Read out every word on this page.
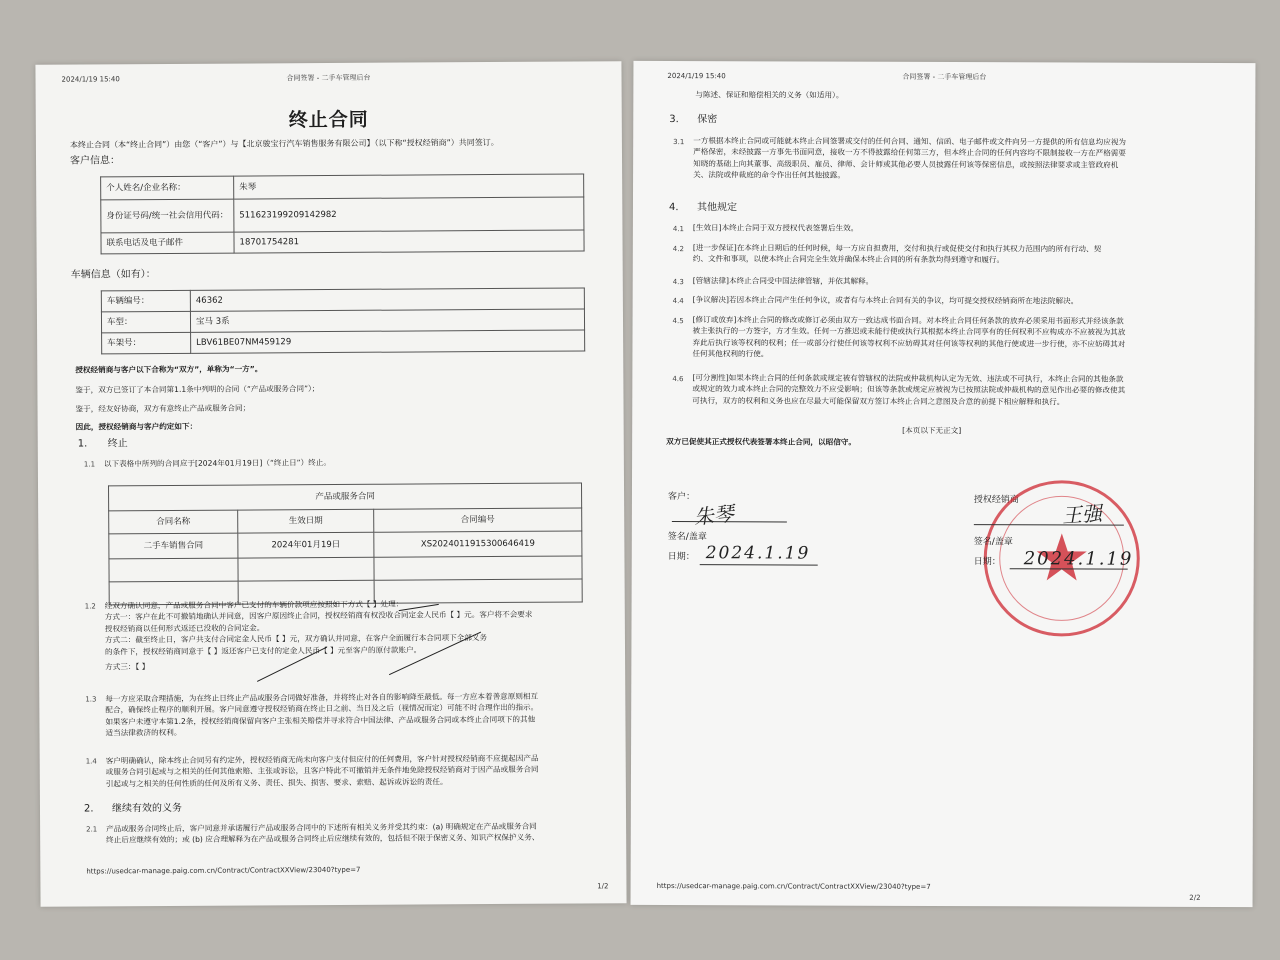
2024/1/19 15:40	合同签署 - 二手车管理后台
终止合同
本终止合同（本“终止合同”）由您（“客户”）与【北京骏宝行汽车销售服务有限公司】（以下称“授权经销商”）共同签订。
客户信息：
个人姓名/企业名称：	朱琴
身份证号码/统一社会信用代码：	511623199209142982
联系电话及电子邮件	18701754281
车辆信息（如有）：
车辆编号：	46362
车型：	宝马 3系
车架号：	LBV61BE07NM459129
授权经销商与客户以下合称为“双方”，单称为“一方”。
鉴于，双方已签订了本合同第1.1条中列明的合同（“产品或服务合同”）；
鉴于，经友好协商，双方有意终止产品或服务合同；
因此，授权经销商与客户约定如下：
1. 终止
1.1 以下表格中所列的合同应于[2024年01月19日]（“终止日”）终止。
产品或服务合同		
合同名称	生效日期	合同编号
二手车销售合同	2024年01月19日	XS2024011915300646419

1.2 经双方确认同意，产品或服务合同中客户已支付的车辆价款项应按照如下方式【 】处理：
方式一：客户在此不可撤销地确认并同意，因客户原因终止合同，授权经销商有权没收合同定金人民币【 】元。客户将不会要求
授权经销商以任何形式返还已没收的合同定金。
方式二：截至终止日，客户共支付合同定金人民币【 】元，双方确认并同意，在客户全面履行本合同项下全部义务
的条件下，授权经销商同意于【 】返还客户已支付的定金人民币【 】元至客户的原付款账户。
方式三：【 】
1.3 每一方应采取合理措施，为在终止日终止产品或服务合同做好准备，并将终止对各自的影响降至最低。每一方应本着善意原则相互
配合，确保终止程序的顺利开展。客户同意遵守授权经销商在终止日之前、当日及之后（视情况而定）可能不时合理作出的指示。
如果客户未遵守本第1.2条，授权经销商保留向客户主张相关赔偿并寻求符合中国法律、产品或服务合同或本终止合同项下的其他
适当法律救济的权利。
1.4 客户明确确认，除本终止合同另有约定外，授权经销商无尚未向客户支付但应付的任何费用，客户针对授权经销商不应提起因产品
或服务合同引起或与之相关的任何其他索赔、主张或诉讼，且客户特此不可撤销并无条件地免除授权经销商对于因产品或服务合同
引起或与之相关的任何性质的任何及所有义务、责任、损失、损害、要求、索赔、起诉或诉讼的责任。
2. 继续有效的义务
2.1 产品或服务合同终止后，客户同意并承诺履行产品或服务合同中的下述所有相关义务并受其约束：(a) 明确规定在产品或服务合同
终止后应继续有效的；或 (b) 应合理解释为在产品或服务合同终止后应继续有效的，包括但不限于保密义务、知识产权保护义务、
https://usedcar-manage.paig.com.cn/Contract/ContractXXView/23040?type=7
1/2
2024/1/19 15:40	合同签署 - 二手车管理后台
与陈述、保证和赔偿相关的义务（如适用）。
3. 保密
3.1 一方根据本终止合同或可能就本终止合同签署或交付的任何合同、通知、信函、电子邮件或文件向另一方提供的所有信息均应视为
严格保密，未经披露一方事先书面同意，接收一方不得披露给任何第三方，但本终止合同的任何内容均不限制接收一方在严格需要
知晓的基础上向其董事、高级职员、雇员、律师、会计师或其他必要人员披露任何该等保密信息，或按照法律要求或主管政府机
关、法院或仲裁庭的命令作出任何其他披露。
4. 其他规定
4.1 [生效日]本终止合同于双方授权代表签署后生效。
4.2 [进一步保证]在本终止日期后的任何时候，每一方应自担费用，交付和执行或促使交付和执行其权力范围内的所有行动、契
约、文件和事项，以使本终止合同完全生效并确保本终止合同的所有条款均得到遵守和履行。
4.3 [管辖法律]本终止合同受中国法律管辖，并依其解释。
4.4 [争议解决]若因本终止合同产生任何争议，或者有与本终止合同有关的争议，均可提交授权经销商所在地法院解决。
4.5 [修订或放弃]本终止合同的修改或修订必须由双方一致达成书面合同。对本终止合同任何条款的放弃必须采用书面形式并经该条款
被主张执行的一方签字，方才生效。任何一方推迟或未能行使或执行其根据本终止合同享有的任何权利不应构成亦不应被视为其放
弃此后执行该等权利的权利；任一或部分行使任何该等权利不应妨碍其对任何该等权利的其他行使或进一步行使，亦不应妨碍其对
任何其他权利的行使。
4.6 [可分割性]如果本终止合同的任何条款或规定被有管辖权的法院或仲裁机构认定为无效、违法或不可执行，本终止合同的其他条款
或规定的效力或本终止合同的完整效力不应受影响；但该等条款或规定应被视为已按照法院或仲裁机构的意见作出必要的修改使其
可执行，双方的权利和义务也应在尽最大可能保留双方签订本终止合同之意图及合意的前提下相应解释和执行。
[本页以下无正文]
双方已促使其正式授权代表签署本终止合同，以昭信守。
客户：
朱琴
签名/盖章
日期： 2024.1.19
授权经销商
王强
签名/盖章
日期： 2024.1.19
https://usedcar-manage.paig.com.cn/Contract/ContractXXView/23040?type=7
2/2
